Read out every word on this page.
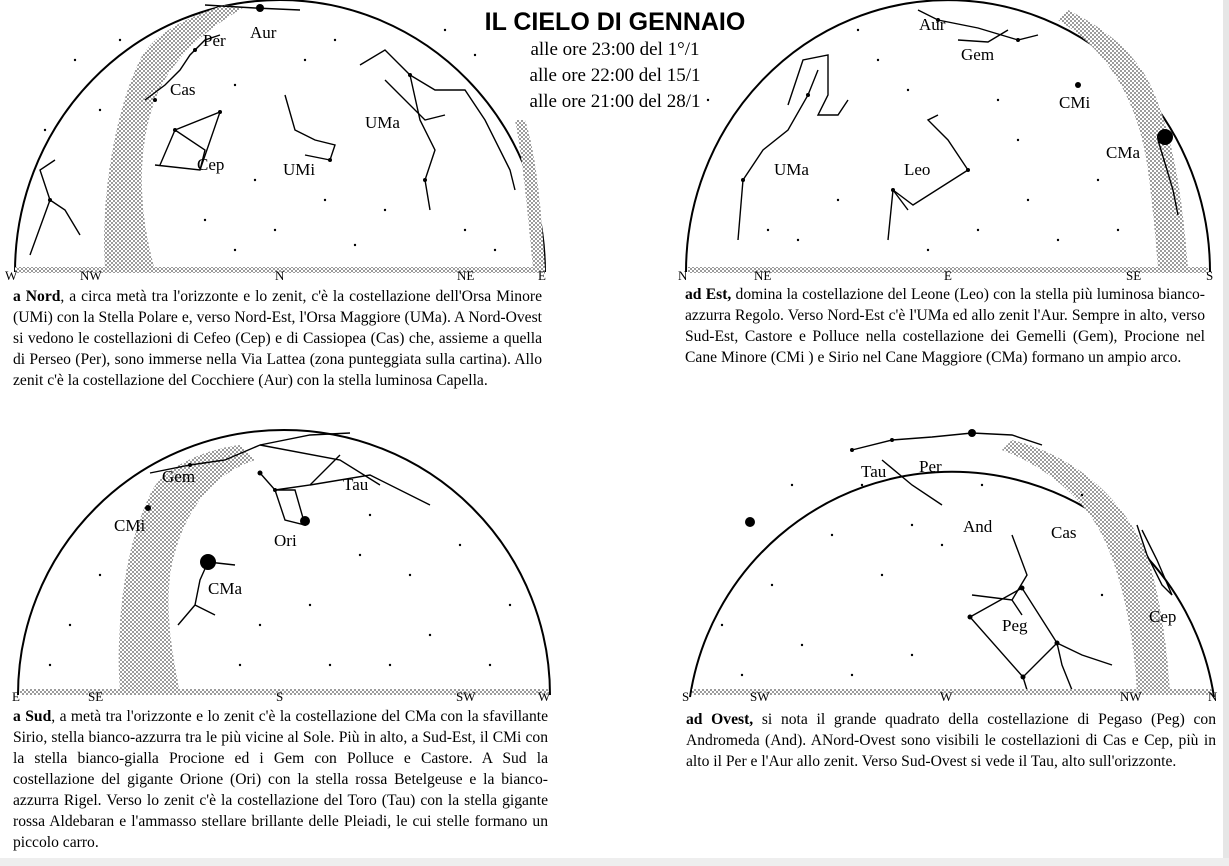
IL CIELO DI GENNAIO
alle ore 23:00 del 1°/1
alle ore 22:00 del 15/1
alle ore 21:00 del 28/1
W	NW	N	NE	E
Per Aur
Cas
Cep	UMi
UMa
a Nord, a circa metà tra l'orizzonte e lo zenit, c'è la costellazione dell'Orsa Minore (UMi) con la Stella Polare e, verso Nord-Est, l'Orsa Maggiore (UMa). A Nord-Ovest si vedono le costellazioni di Cefeo (Cep) e di Cassiopea (Cas) che, assieme a quella di Perseo (Per), sono immerse nella Via Lattea (zona punteggiata sulla cartina). Allo zenit c'è la costellazione del Cocchiere (Aur) con la stella luminosa Capella.
N	NE	E	SE	S
Aur
Gem
CMi
CMa
UMa	Leo
ad Est, domina la costellazione del Leone (Leo) con la stella più luminosa bianco-azzurra Regolo. Verso Nord-Est c'è l'UMa ed allo zenit l'Aur. Sempre in alto, verso Sud-Est, Castore e Polluce nella costellazione dei Gemelli (Gem), Procione nel Cane Minore (CMi ) e Sirio nel Cane Maggiore (CMa) formano un ampio arco.
E	SE	S	SW	W
Gem	Tau
CMi
Ori
CMa
a Sud, a metà tra l'orizzonte e lo zenit c'è la costellazione del CMa con la sfavillante Sirio, stella bianco-azzurra tra le più vicine al Sole. Più in alto, a Sud-Est, il CMi con la stella bianco-gialla Procione ed i Gem con Polluce e Castore. A Sud la costellazione del gigante Orione (Ori) con la stella rossa Betelgeuse e la bianco-azzurra Rigel. Verso lo zenit c'è la costellazione del Toro (Tau) con la stella gigante rossa Aldebaran e l'ammasso stellare brillante delle Pleiadi, le cui stelle formano un piccolo carro.
S	SW	W	NW	N
Tau Per
And	Cas
Peg	Cep
ad Ovest, si nota il grande quadrato della costellazione di Pegaso (Peg) con Andromeda (And). ANord-Ovest sono visibili le costellazioni di Cas e Cep, più in alto il Per e l'Aur allo zenit. Verso Sud-Ovest si vede il Tau, alto sull'orizzonte.
